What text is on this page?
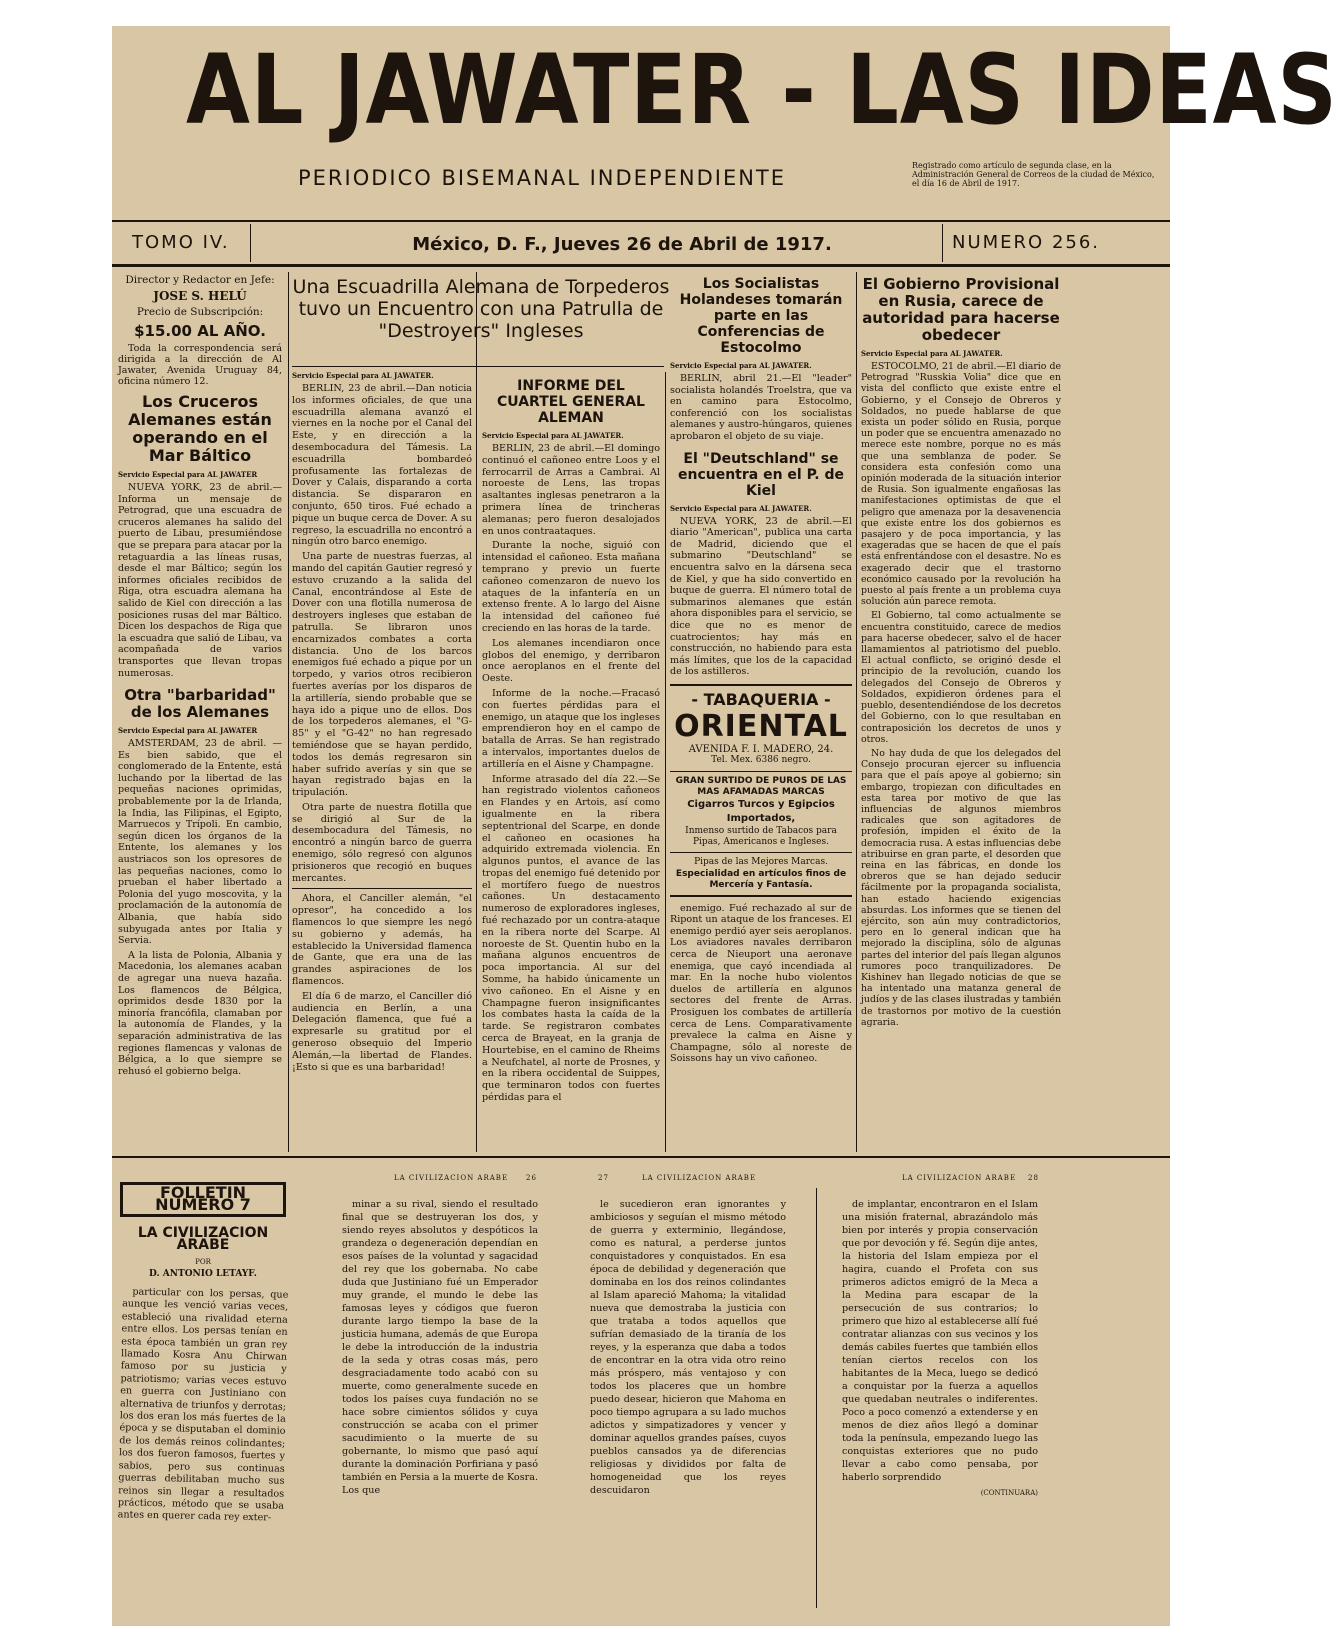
AL JAWATER - LAS IDEAS
PERIODICO BISEMANAL INDEPENDIENTE
Registrado como artículo de segunda clase, en la Administración General de Correos de la ciudad de México, el día 16 de Abril de 1917.
TOMO IV.	México, D. F., Jueves 26 de Abril de 1917.	NUMERO 256.

Director y Redactor en Jefe:

JOSE S. HELÚ

Precio de Subscripción:

$15.00 AL AÑO.

Toda la correspondencia será dirigida a la dirección de Al Jawater, Avenida Uruguay 84, oficina número 12.

Los Cruceros Alemanes están operando en el Mar Báltico

Servicio Especial para AL JAWATER

NUEVA YORK, 23 de abril.—Informa un mensaje de Petrograd, que una escuadra de cruceros alemanes ha salido del puerto de Libau, presumiéndose que se prepara para atacar por la retaguardia a las líneas rusas, desde el mar Báltico; según los informes oficiales recibidos de Riga, otra escuadra alemana ha salido de Kiel con dirección a las posiciones rusas del mar Báltico. Dicen los despachos de Riga que la escuadra que salió de Libau, va acompañada de varios transportes que llevan tropas numerosas.

Otra "barbaridad" de los Alemanes

Servicio Especial para AL JAWATER

AMSTERDAM, 23 de abril. — Es bien sabido, que el conglomerado de la Entente, está luchando por la libertad de las pequeñas naciones oprimidas, probablemente por la de Irlanda, la India, las Filipinas, el Egipto, Marruecos y Trípoli. En cambio, según dicen los órganos de la Entente, los alemanes y los austriacos son los opresores de las pequeñas naciones, como lo prueban el haber libertado a Polonia del yugo moscovita, y la proclamación de la autonomía de Albania, que había sido subyugada antes por Italia y Servia.

A la lista de Polonia, Albania y Macedonia, los alemanes acaban de agregar una nueva hazaña. Los flamencos de Bélgica, oprimidos desde 1830 por la minoría francófila, clamaban por la autonomía de Flandes, y la separación administrativa de las regiones flamencas y valonas de Bélgica, a lo que siempre se rehusó el gobierno belga.

Una Escuadrilla Alemana de Torpederos tuvo un Encuentro con una Patrulla de "Destroyers" Ingleses

Servicio Especial para AL JAWATER.

BERLIN, 23 de abril.—Dan noticia los informes oficiales, de que una escuadrilla alemana avanzó el viernes en la noche por el Canal del Este, y en dirección a la desembocadura del Támesis. La escuadrilla bombardeó profusamente las fortalezas de Dover y Calais, disparando a corta distancia. Se dispararon en conjunto, 650 tiros. Fué echado a pique un buque cerca de Dover. A su regreso, la escuadrilla no encontró a ningún otro barco enemigo.

Una parte de nuestras fuerzas, al mando del capitán Gautier regresó y estuvo cruzando a la salida del Canal, encontrándose al Este de Dover con una flotilla numerosa de destroyers ingleses que estaban de patrulla. Se libraron unos encarnizados combates a corta distancia. Uno de los barcos enemigos fué echado a pique por un torpedo, y varios otros recibieron fuertes averías por los disparos de la artillería, siendo probable que se haya ido a pique uno de ellos. Dos de los torpederos alemanes, el "G-85" y el "G-42" no han regresado temiéndose que se hayan perdido, todos los demás regresaron sin haber sufrido averías y sin que se hayan registrado bajas en la tripulación.

Otra parte de nuestra flotilla que se dirigió al Sur de la desembocadura del Támesis, no encontró a ningún barco de guerra enemigo, sólo regresó con algunos prisioneros que recogió en buques mercantes.

Ahora, el Canciller alemán, "el opresor", ha concedido a los flamencos lo que siempre les negó su gobierno y además, ha establecido la Universidad flamenca de Gante, que era una de las grandes aspiraciones de los flamencos.

El día 6 de marzo, el Canciller dió audiencia en Berlín, a una Delegación flamenca, que fué a expresarle su gratitud por el generoso obsequio del Imperio Alemán,—la libertad de Flandes. ¡Esto si que es una barbaridad!

INFORME DEL CUARTEL GENERAL ALEMAN

Servicio Especial para AL JAWATER.

BERLIN, 23 de abril.—El domingo continuó el cañoneo entre Loos y el ferrocarril de Arras a Cambrai. Al noroeste de Lens, las tropas asaltantes inglesas penetraron a la primera línea de trincheras alemanas; pero fueron desalojados en unos contraataques.

Durante la noche, siguió con intensidad el cañoneo. Esta mañana temprano y previo un fuerte cañoneo comenzaron de nuevo los ataques de la infantería en un extenso frente. A lo largo del Aisne la intensidad del cañoneo fué creciendo en las horas de la tarde.

Los alemanes incendiaron once globos del enemigo, y derribaron once aeroplanos en el frente del Oeste.

Informe de la noche.—Fracasó con fuertes pérdidas para el enemigo, un ataque que los ingleses emprendieron hoy en el campo de batalla de Arras. Se han registrado a intervalos, importantes duelos de artillería en el Aisne y Champagne.

Informe atrasado del día 22.—Se han registrado violentos cañoneos en Flandes y en Artois, así como igualmente en la ribera septentrional del Scarpe, en donde el cañoneo en ocasiones ha adquirido extremada violencia. En algunos puntos, el avance de las tropas del enemigo fué detenido por el mortífero fuego de nuestros cañones. Un destacamento numeroso de exploradores ingleses, fué rechazado por un contra-ataque en la ribera norte del Scarpe. Al noroeste de St. Quentin hubo en la mañana algunos encuentros de poca importancia. Al sur del Somme, ha habido únicamente un vivo cañoneo. En el Aisne y en Champagne fueron insignificantes los combates hasta la caída de la tarde. Se registraron combates cerca de Brayeat, en la granja de Hourtebise, en el camino de Rheims a Neufchatel, al norte de Prosnes, y en la ribera occidental de Suippes, que terminaron todos con fuertes pérdidas para el

Los Socialistas Holandeses tomarán parte en las Conferencias de Estocolmo

Servicio Especial para AL JAWATER.

BERLIN, abril 21.—El "leader" socialista holandés Troelstra, que va en camino para Estocolmo, conferenció con los socialistas alemanes y austro-húngaros, quienes aprobaron el objeto de su viaje.

El "Deutschland" se encuentra en el P. de Kiel

Servicio Especial para AL JAWATER.

NUEVA YORK, 23 de abril.—El diario "American", publica una carta de Madrid, diciendo que el submarino "Deutschland" se encuentra salvo en la dársena seca de Kiel, y que ha sido convertido en buque de guerra. El número total de submarinos alemanes que están ahora disponibles para el servicio, se dice que no es menor de cuatrocientos; hay más en construcción, no habiendo para esta más límites, que los de la capacidad de los astilleros.

- TABAQUERIA -
ORIENTAL
AVENIDA F. I. MADERO, 24.
Tel. Mex. 6386 negro.
GRAN SURTIDO DE PUROS DE LAS MAS AFAMADAS MARCAS
Cigarros Turcos y Egipcios Importados,
Inmenso surtido de Tabacos para Pipas, Americanos e Ingleses.
Pipas de las Mejores Marcas.
Especialidad en artículos finos de Mercería y Fantasía.

enemigo. Fué rechazado al sur de Ripont un ataque de los franceses. El enemigo perdió ayer seis aeroplanos. Los aviadores navales derribaron cerca de Nieuport una aeronave enemiga, que cayó incendiada al mar. En la noche hubo violentos duelos de artillería en algunos sectores del frente de Arras. Prosiguen los combates de artillería cerca de Lens. Comparativamente prevalece la calma en Aisne y Champagne, sólo al noreste de Soissons hay un vivo cañoneo.

El Gobierno Provisional en Rusia, carece de autoridad para hacerse obedecer

Servicio Especial para AL JAWATER.

ESTOCOLMO, 21 de abril.—El diario de Petrograd "Russkia Volia" dice que en vista del conflicto que existe entre el Gobierno, y el Consejo de Obreros y Soldados, no puede hablarse de que exista un poder sólido en Rusia, porque un poder que se encuentra amenazado no merece este nombre, porque no es más que una semblanza de poder. Se considera esta confesión como una opinión moderada de la situación interior de Rusia. Son igualmente engañosas las manifestaciones optimistas de que el peligro que amenaza por la desavenencia que existe entre los dos gobiernos es pasajero y de poca importancia, y las exageradas que se hacen de que el país está enfrentándose con el desastre. No es exagerado decir que el trastorno económico causado por la revolución ha puesto al país frente a un problema cuya solución aún parece remota.

El Gobierno, tal como actualmente se encuentra constituido, carece de medios para hacerse obedecer, salvo el de hacer llamamientos al patriotismo del pueblo. El actual conflicto, se originó desde el principio de la revolución, cuando los delegados del Consejo de Obreros y Soldados, expidieron órdenes para el pueblo, desentendiéndose de los decretos del Gobierno, con lo que resultaban en contraposición los decretos de unos y otros.

No hay duda de que los delegados del Consejo procuran ejercer su influencia para que el país apoye al gobierno; sin embargo, tropiezan con dificultades en esta tarea por motivo de que las influencias de algunos miembros radicales que son agitadores de profesión, impiden el éxito de la democracia rusa. A estas influencias debe atribuirse en gran parte, el desorden que reina en las fábricas, en donde los obreros que se han dejado seducir fácilmente por la propaganda socialista, han estado haciendo exigencias absurdas. Los informes que se tienen del ejército, son aún muy contradictorios, pero en lo general indican que ha mejorado la disciplina, sólo de algunas partes del interior del país llegan algunos rumores poco tranquilizadores. De Kishinev han llegado noticias de que se ha intentado una matanza general de judíos y de las clases ilustradas y también de trastornos por motivo de la cuestión agraria.

LA CIVILIZACION ARABE	26	27	LA CIVILIZACION ARABE	LA CIVILIZACION ARABE 28
FOLLETIN NUMERO 7
LA CIVILIZACION ARABE
POR
D. ANTONIO LETAYF.

particular con los persas, que aunque les venció varias veces, estableció una rivalidad eterna entre ellos. Los persas tenían en esta época también un gran rey llamado Kosra Anu Chirwan famoso por su justicia y patriotismo; varias veces estuvo en guerra con Justiniano con alternativa de triunfos y derrotas; los dos eran los más fuertes de la época y se disputaban el dominio de los demás reinos colindantes; los dos fueron famosos, fuertes y sabios, pero sus continuas guerras debilitaban mucho sus reinos sin llegar a resultados prácticos, método que se usaba antes en querer cada rey exter-

minar a su rival, siendo el resultado final que se destruyeran los dos, y siendo reyes absolutos y despóticos la grandeza o degeneración dependían en esos países de la voluntad y sagacidad del rey que los gobernaba. No cabe duda que Justiniano fué un Emperador muy grande, el mundo le debe las famosas leyes y códigos que fueron durante largo tiempo la base de la justicia humana, además de que Europa le debe la introducción de la industria de la seda y otras cosas más, pero desgraciadamente todo acabó con su muerte, como generalmente sucede en todos los países cuya fundación no se hace sobre cimientos sólidos y cuya construcción se acaba con el primer sacudimiento o la muerte de su gobernante, lo mismo que pasó aquí durante la dominación Porfiriana y pasó también en Persia a la muerte de Kosra. Los que

le sucedieron eran ignorantes y ambiciosos y seguían el mismo método de guerra y exterminio, llegándose, como es natural, a perderse juntos conquistadores y conquistados. En esa época de debilidad y degeneración que dominaba en los dos reinos colindantes al Islam apareció Mahoma; la vitalidad nueva que demostraba la justicia con que trataba a todos aquellos que sufrían demasiado de la tiranía de los reyes, y la esperanza que daba a todos de encontrar en la otra vida otro reino más próspero, más ventajoso y con todos los placeres que un hombre puedo desear, hicieron que Mahoma en poco tiempo agrupara a su lado muchos adictos y simpatizadores y vencer y dominar aquellos grandes países, cuyos pueblos cansados ya de diferencias religiosas y divididos por falta de homogeneidad que los reyes descuidaron

de implantar, encontraron en el Islam una misión fraternal, abrazándolo más bien por interés y propia conservación que por devoción y fé. Según dije antes, la historia del Islam empieza por el hagira, cuando el Profeta con sus primeros adictos emigró de la Meca a la Medina para escapar de la persecución de sus contrarios; lo primero que hizo al establecerse allí fué contratar alianzas con sus vecinos y los demás cabiles fuertes que también ellos tenían ciertos recelos con los habitantes de la Meca, luego se dedicó a conquistar por la fuerza a aquellos que quedaban neutrales o indiferentes. Poco a poco comenzó a extenderse y en menos de diez años llegó a dominar toda la península, empezando luego las conquistas exteriores que no pudo llevar a cabo como pensaba, por haberlo sorprendido

(CONTINUARA)
